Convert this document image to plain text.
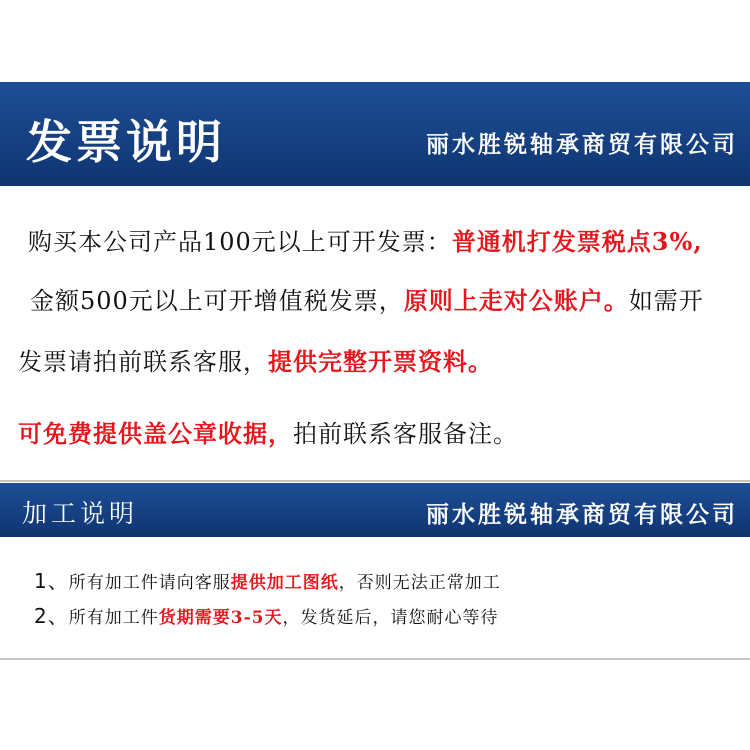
发票说明	丽水胜锐轴承商贸有限公司
购买本公司产品100元以上可开发票：普通机打发票税点3%,
金额500元以上可开增值税发票，原则上走对公账户。如需开
发票请拍前联系客服，提供完整开票资料。
可免费提供盖公章收据，拍前联系客服备注。
加工说明	丽水胜锐轴承商贸有限公司
1、所有加工件请向客服提供加工图纸，否则无法正常加工
2、所有加工件货期需要3-5天，发货延后，请您耐心等待
